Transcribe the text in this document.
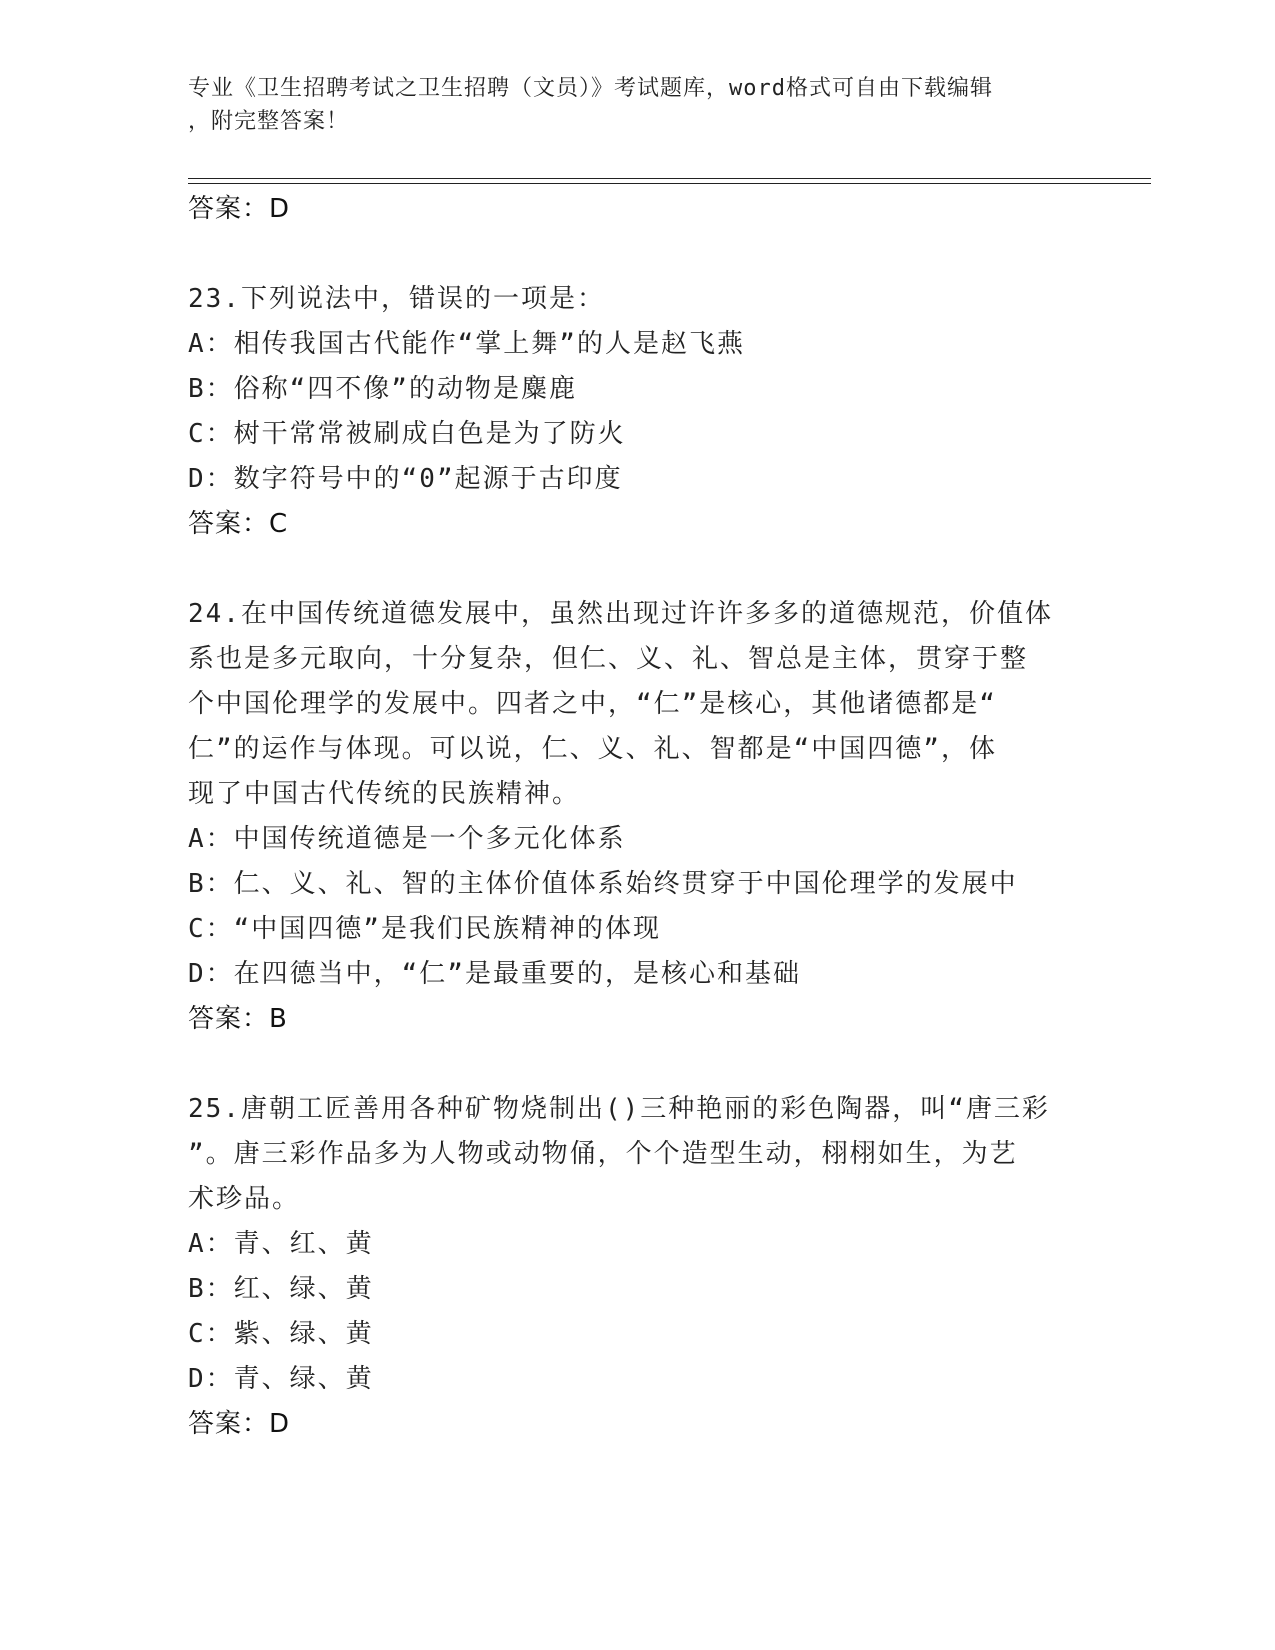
专业《卫生招聘考试之卫生招聘（文员）》考试题库，word格式可自由下载编辑
，附完整答案！
答案：D
23.下列说法中，错误的一项是：
A：相传我国古代能作“掌上舞”的人是赵飞燕
B：俗称“四不像”的动物是麋鹿
C：树干常常被刷成白色是为了防火
D：数字符号中的“0”起源于古印度
答案：C
24.在中国传统道德发展中，虽然出现过许许多多的道德规范，价值体
系也是多元取向，十分复杂，但仁、义、礼、智总是主体，贯穿于整
个中国伦理学的发展中。四者之中，“仁”是核心，其他诸德都是“
仁”的运作与体现。可以说，仁、义、礼、智都是“中国四德”，体
现了中国古代传统的民族精神。
A：中国传统道德是一个多元化体系
B：仁、义、礼、智的主体价值体系始终贯穿于中国伦理学的发展中
C：“中国四德”是我们民族精神的体现
D：在四德当中，“仁”是最重要的，是核心和基础
答案：B
25.唐朝工匠善用各种矿物烧制出()三种艳丽的彩色陶器，叫“唐三彩
”。唐三彩作品多为人物或动物俑，个个造型生动，栩栩如生，为艺
术珍品。
A：青、红、黄
B：红、绿、黄
C：紫、绿、黄
D：青、绿、黄
答案：D
